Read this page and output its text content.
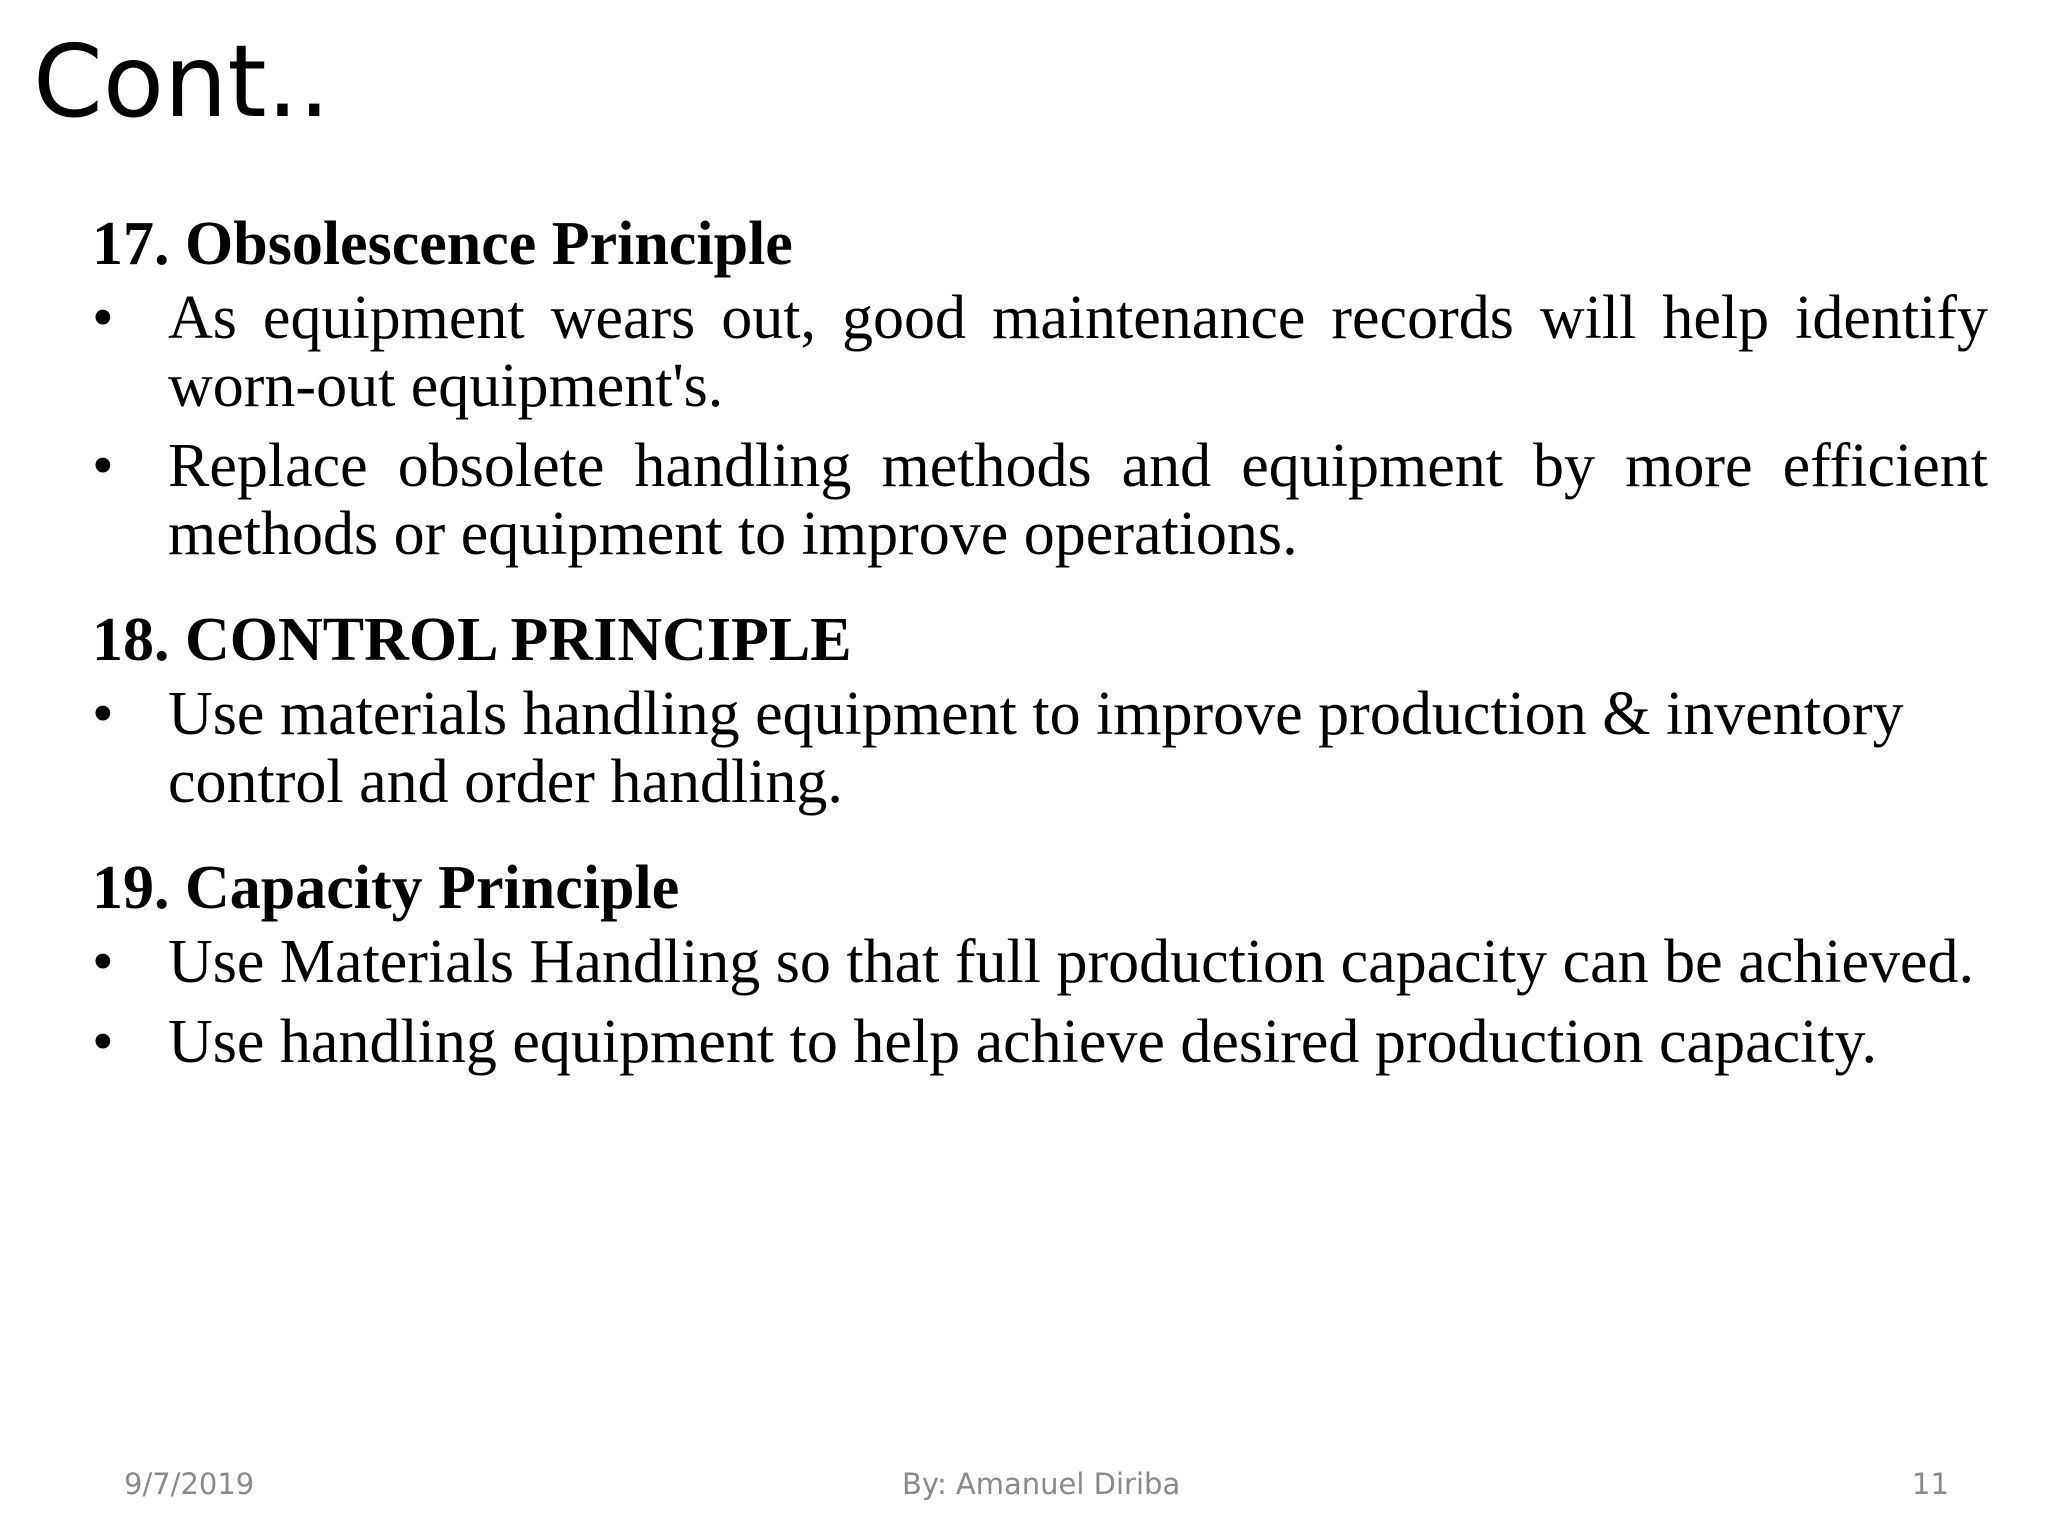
Cont..
17. Obsolescence Principle
• As equipment wears out, good maintenance records will help identify worn-out equipment's.
• Replace obsolete handling methods and equipment by more efficient methods or equipment to improve operations.
18. CONTROL PRINCIPLE
• Use materials handling equipment to improve production & inventory control and order handling.
19. Capacity Principle
• Use Materials Handling so that full production capacity can be achieved.
• Use handling equipment to help achieve desired production capacity.
9/7/2019	By: Amanuel Diriba	11
